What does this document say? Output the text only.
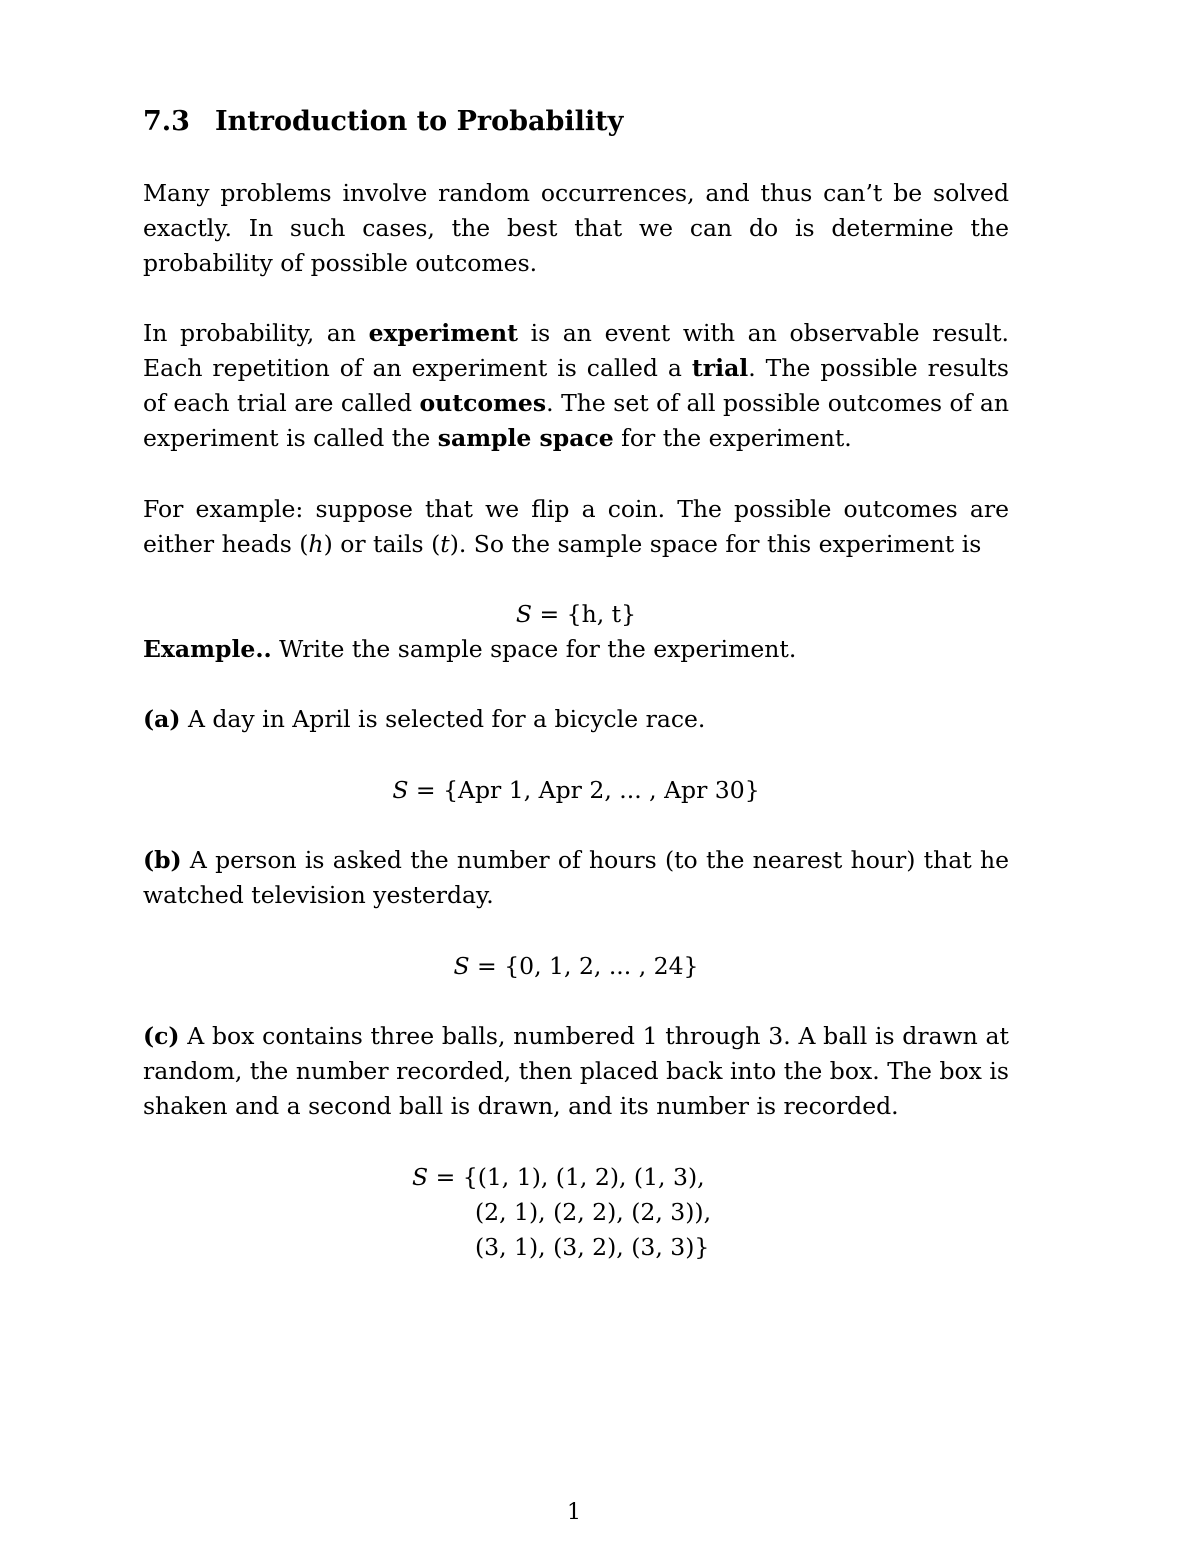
7.3 Introduction to Probability
Many problems involve random occurrences, and thus can’t be solved exactly. In such cases, the best that we can do is determine the probability of possible outcomes.
In probability, an experiment is an event with an observable result. Each repetition of an experiment is called a trial. The possible results of each trial are called outcomes. The set of all possible outcomes of an experiment is called the sample space for the experiment.
For example: suppose that we flip a coin. The possible outcomes are either heads (h) or tails (t). So the sample space for this experiment is
S = {h, t}
Example.. Write the sample space for the experiment.
(a) A day in April is selected for a bicycle race.
S = {Apr 1, Apr 2, ... , Apr 30}
(b) A person is asked the number of hours (to the nearest hour) that he watched television yesterday.
S = {0, 1, 2, ... , 24}
(c) A box contains three balls, numbered 1 through 3. A ball is drawn at random, the number recorded, then placed back into the box. The box is shaken and a second ball is drawn, and its number is recorded.
S = {(1, 1), (1, 2), (1, 3),
(2, 1), (2, 2), (2, 3)),
(3, 1), (3, 2), (3, 3)}
1
